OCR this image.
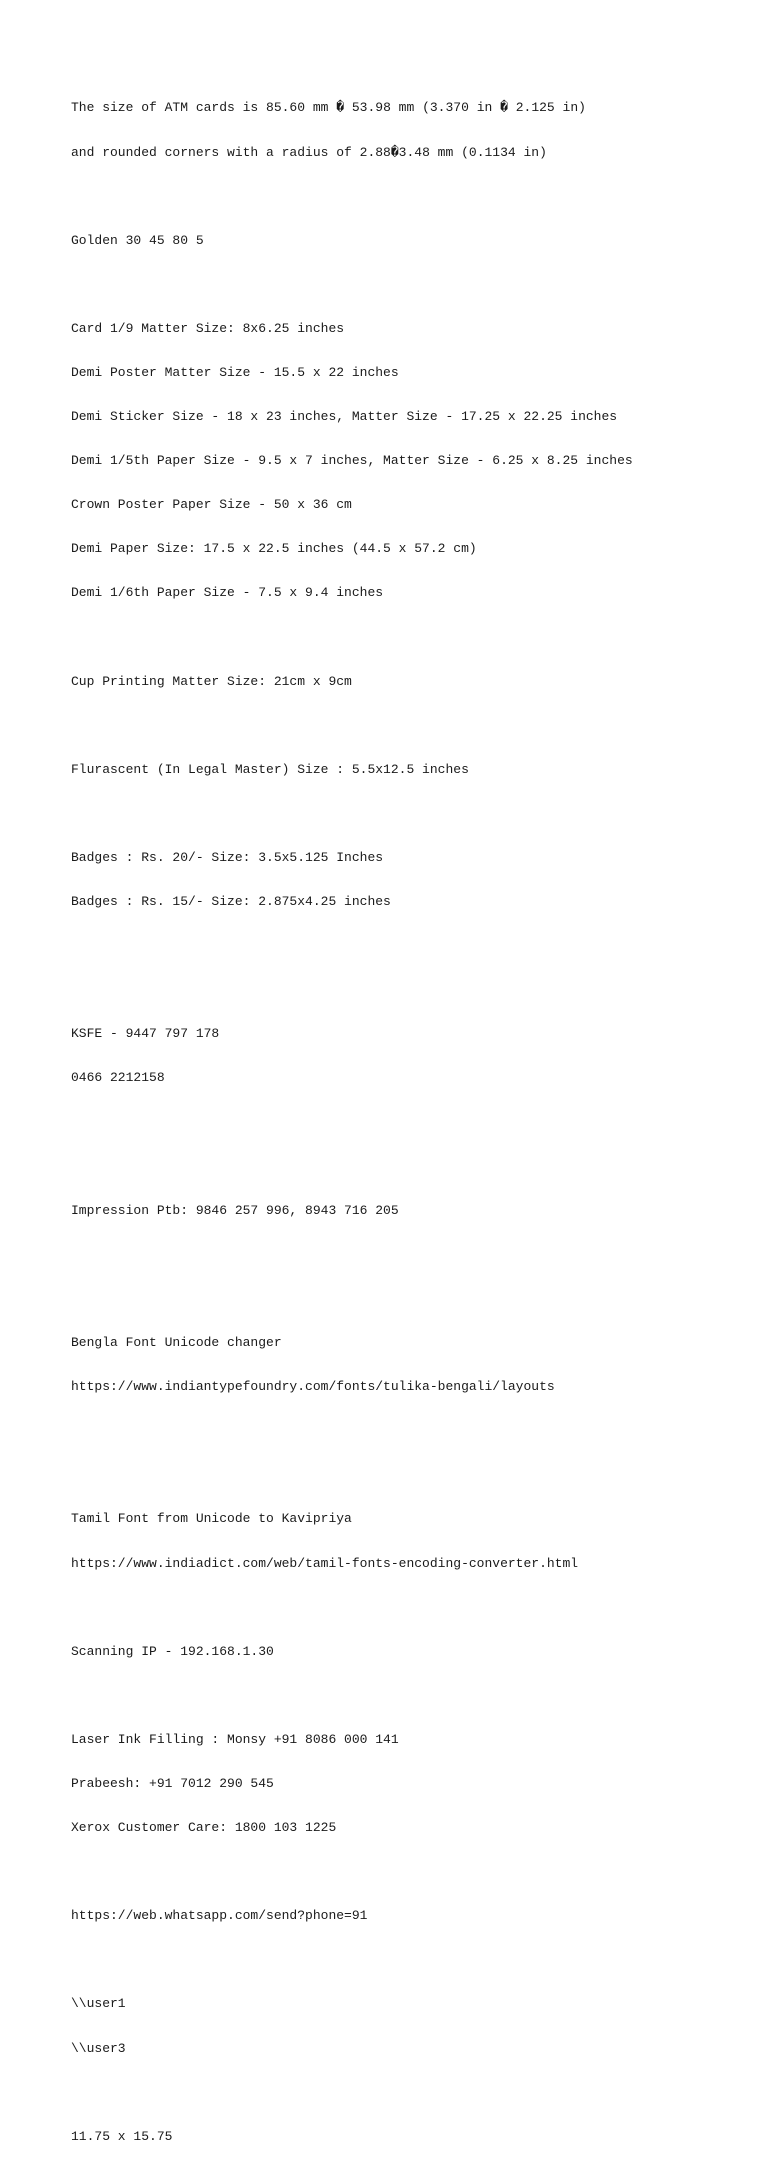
The size of ATM cards is 85.60 mm � 53.98 mm (3.370 in � 2.125 in)

and rounded corners with a radius of 2.88�3.48 mm (0.1134 in)

Golden 30 45 80 5

Card 1/9 Matter Size: 8x6.25 inches

Demi Poster Matter Size - 15.5 x 22 inches

Demi Sticker Size - 18 x 23 inches, Matter Size - 17.25 x 22.25 inches

Demi 1/5th Paper Size - 9.5 x 7 inches, Matter Size - 6.25 x 8.25 inches

Crown Poster Paper Size - 50 x 36 cm

Demi Paper Size: 17.5 x 22.5 inches (44.5 x 57.2 cm)

Demi 1/6th Paper Size - 7.5 x 9.4 inches

Cup Printing Matter Size: 21cm x 9cm

Flurascent (In Legal Master) Size : 5.5x12.5 inches

Badges : Rs. 20/- Size: 3.5x5.125 Inches

Badges : Rs. 15/- Size: 2.875x4.25 inches

KSFE - 9447 797 178

0466 2212158

Impression Ptb: 9846 257 996, 8943 716 205

Bengla Font Unicode changer

https://www.indiantypefoundry.com/fonts/tulika-bengali/layouts

Tamil Font from Unicode to Kavipriya

https://www.indiadict.com/web/tamil-fonts-encoding-converter.html

Scanning IP - 192.168.1.30

Laser Ink Filling : Monsy +91 8086 000 141

Prabeesh: +91 7012 290 545

Xerox Customer Care: 1800 103 1225

https://web.whatsapp.com/send?phone=91

\\user1

\\user3

11.75 x 15.75
